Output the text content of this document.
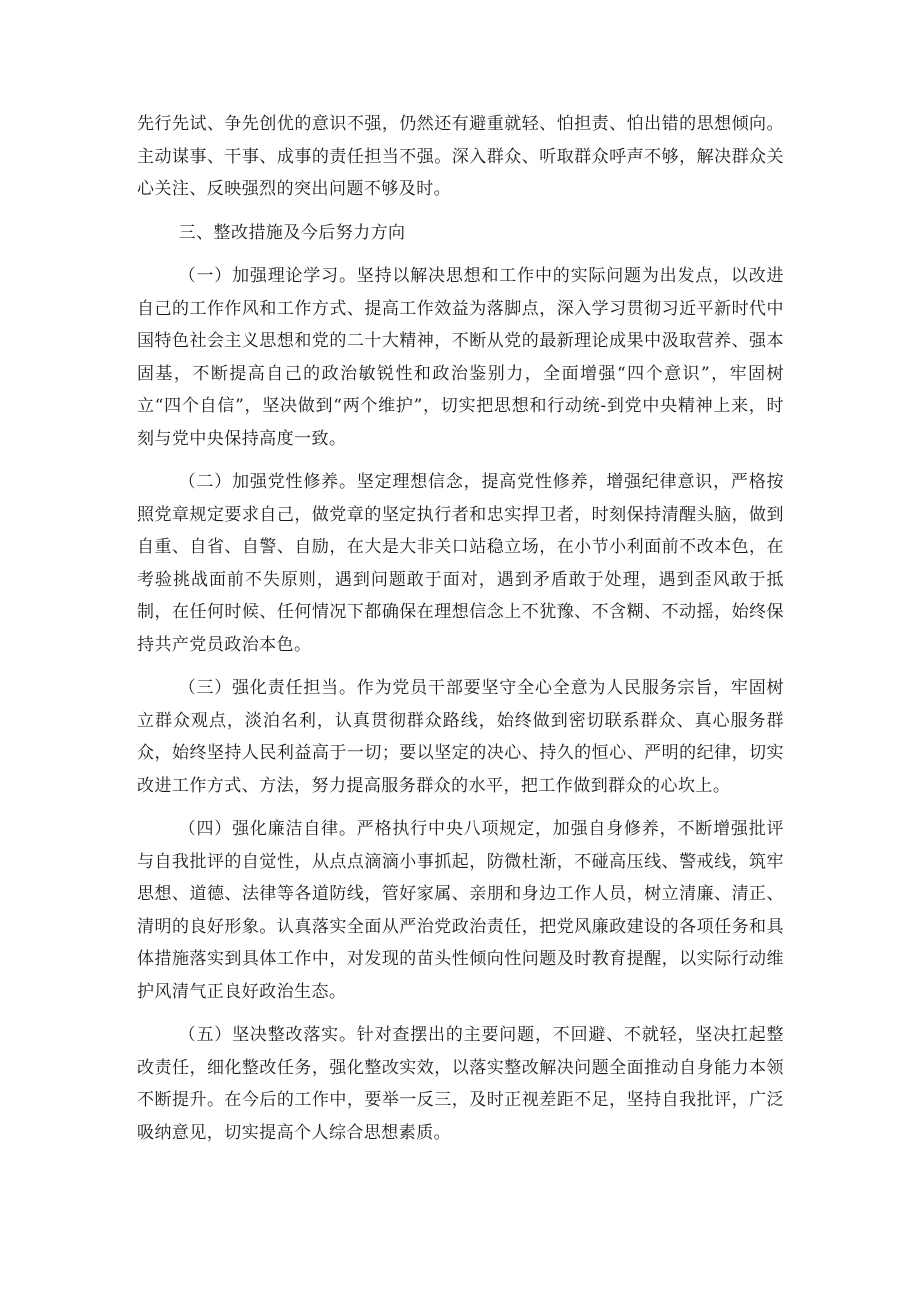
先行先试、争先创优的意识不强，仍然还有避重就轻、怕担责、怕出错的思想倾向。主动谋事、干事、成事的责任担当不强。深入群众、听取群众呼声不够，解决群众关心关注、反映强烈的突出问题不够及时。

三、整改措施及今后努力方向

（一）加强理论学习。坚持以解决思想和工作中的实际问题为出发点，以改进自己的工作作风和工作方式、提高工作效益为落脚点，深入学习贯彻习近平新时代中国特色社会主义思想和党的二十大精神，不断从党的最新理论成果中汲取营养、强本固基，不断提高自己的政治敏锐性和政治鉴别力，全面增强“四个意识”，牢固树立“四个自信”，坚决做到“两个维护”，切实把思想和行动统-到党中央精神上来，时刻与党中央保持高度一致。

（二）加强党性修养。坚定理想信念，提高党性修养，增强纪律意识，严格按照党章规定要求自己，做党章的坚定执行者和忠实捍卫者，时刻保持清醒头脑，做到自重、自省、自警、自励，在大是大非关口站稳立场，在小节小利面前不改本色，在考验挑战面前不失原则，遇到问题敢于面对，遇到矛盾敢于处理，遇到歪风敢于抵制，在任何时候、任何情况下都确保在理想信念上不犹豫、不含糊、不动摇，始终保持共产党员政治本色。

（三）强化责任担当。作为党员干部要坚守全心全意为人民服务宗旨，牢固树立群众观点，淡泊名利，认真贯彻群众路线，始终做到密切联系群众、真心服务群众，始终坚持人民利益高于一切；要以坚定的决心、持久的恒心、严明的纪律，切实改进工作方式、方法，努力提高服务群众的水平，把工作做到群众的心坎上。

（四）强化廉洁自律。严格执行中央八项规定，加强自身修养，不断增强批评与自我批评的自觉性，从点点滴滴小事抓起，防微杜渐，不碰高压线、警戒线，筑牢思想、道德、法律等各道防线，管好家属、亲朋和身边工作人员，树立清廉、清正、清明的良好形象。认真落实全面从严治党政治责任，把党风廉政建设的各项任务和具体措施落实到具体工作中，对发现的苗头性倾向性问题及时教育提醒，以实际行动维护风清气正良好政治生态。

（五）坚决整改落实。针对查摆出的主要问题，不回避、不就轻，坚决扛起整改责任，细化整改任务，强化整改实效，以落实整改解决问题全面推动自身能力本领不断提升。在今后的工作中，要举一反三，及时正视差距不足，坚持自我批评，广泛吸纳意见，切实提高个人综合思想素质。
